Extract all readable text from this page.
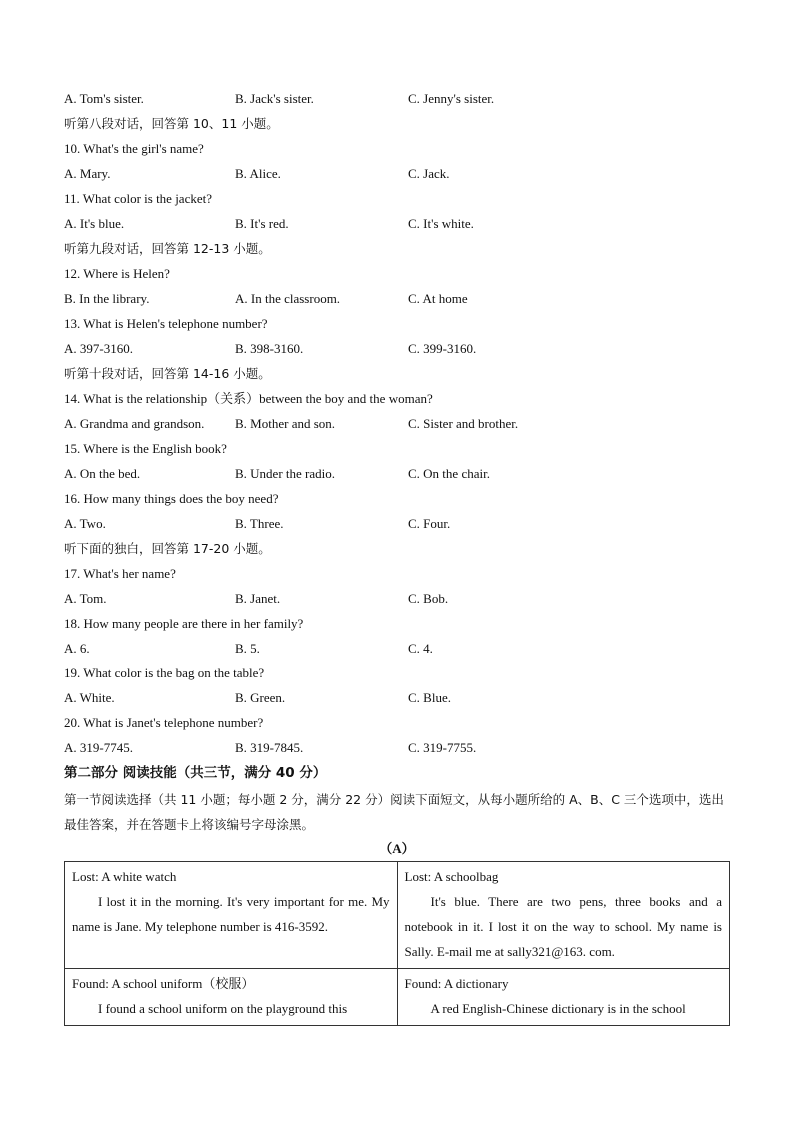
A. Tom's sister.	B. Jack's sister.	C. Jenny's sister.
听第八段对话，回答第 10、11 小题。
10. What's the girl's name?
A. Mary.	B. Alice.	C. Jack.
11. What color is the jacket?
A. It's blue.	B. It's red.	C. It's white.
听第九段对话，回答第 12-13 小题。
12. Where is Helen?
B. In the library.	A. In the classroom.	C. At home
13. What is Helen's telephone number?
A. 397-3160.	B. 398-3160.	C. 399-3160.
听第十段对话，回答第 14-16 小题。
14. What is the relationship（关系）between the boy and the woman?
A. Grandma and grandson. B. Mother and son.	C. Sister and brother.
15. Where is the English book?
A. On the bed.	B. Under the radio.	C. On the chair.
16. How many things does the boy need?
A. Two.	B. Three.	C. Four.
听下面的独白，回答第 17-20 小题。
17. What's her name?
A. Tom.	B. Janet.	C. Bob.
18. How many people are there in her family?
A. 6.	B. 5.	C. 4.
19. What color is the bag on the table?
A. White.	B. Green.	C. Blue.
20. What is Janet's telephone number?
A. 319-7745.	B. 319-7845.	C. 319-7755.
第二部分 阅读技能（共三节，满分 40 分）
第一节阅读选择（共 11 小题；每小题 2 分，满分 22 分）阅读下面短文，从每小题所给的 A、B、C 三个选项中，选出最佳答案，并在答题卡上将该编号字母涂黑。
（A）
Lost: A white watch
I lost it in the morning. It's very important for me. My name is Jane. My telephone number is 416-3592.	Lost: A schoolbag
It's blue. There are two pens, three books and a notebook in it. I lost it on the way to school. My name is Sally. E-mail me at sally321@163. com.

Found: A school uniform（校服）
I found a school uniform on the playground this	Found: A dictionary
A red English-Chinese dictionary is in the school
